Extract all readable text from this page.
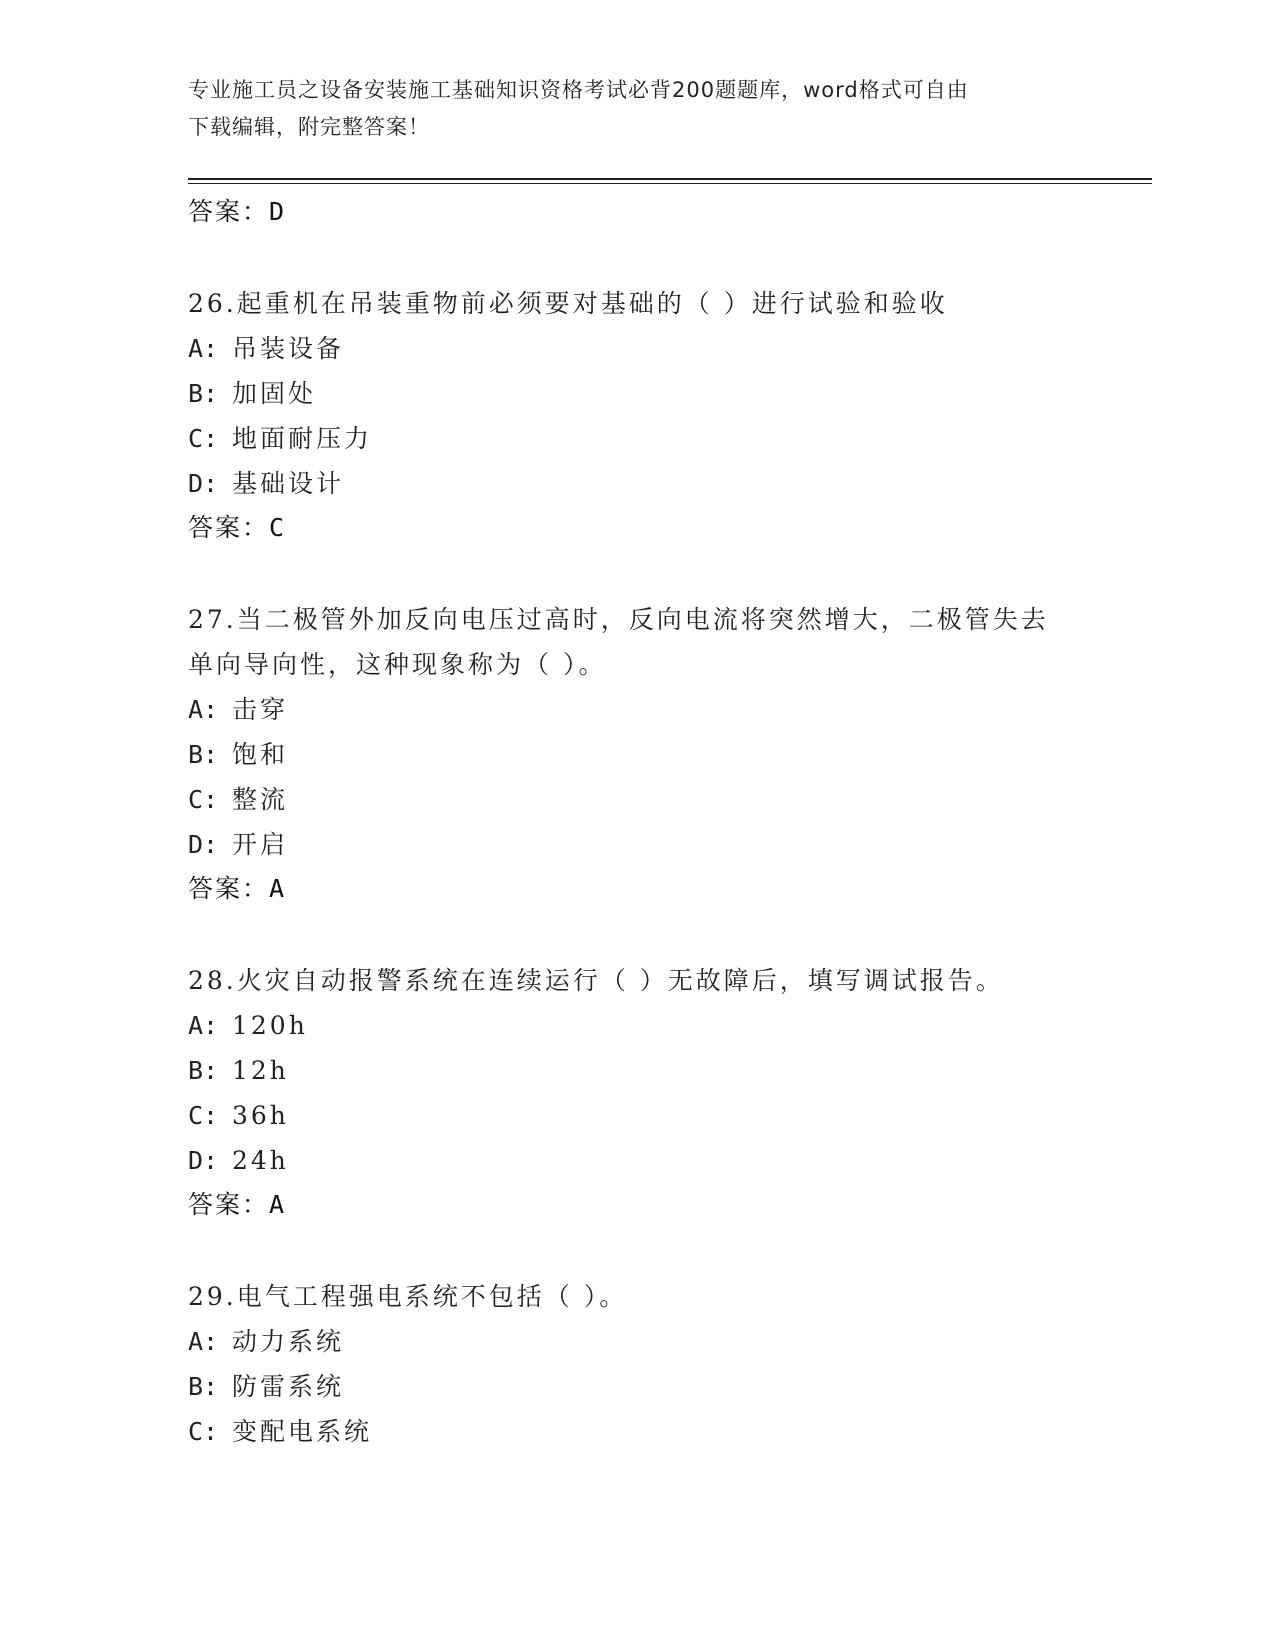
专业施工员之设备安装施工基础知识资格考试必背200题题库，word格式可自由
下载编辑，附完整答案！
答案：D
26.起重机在吊装重物前必须要对基础的（ ）进行试验和验收
A: 吊装设备
B: 加固处
C: 地面耐压力
D: 基础设计
答案：C
27.当二极管外加反向电压过高时，反向电流将突然增大，二极管失去
单向导向性，这种现象称为（ ）。
A: 击穿
B: 饱和
C: 整流
D: 开启
答案：A
28.火灾自动报警系统在连续运行（ ）无故障后，填写调试报告。
A: 120h
B: 12h
C: 36h
D: 24h
答案：A
29.电气工程强电系统不包括（ ）。
A: 动力系统
B: 防雷系统
C: 变配电系统
